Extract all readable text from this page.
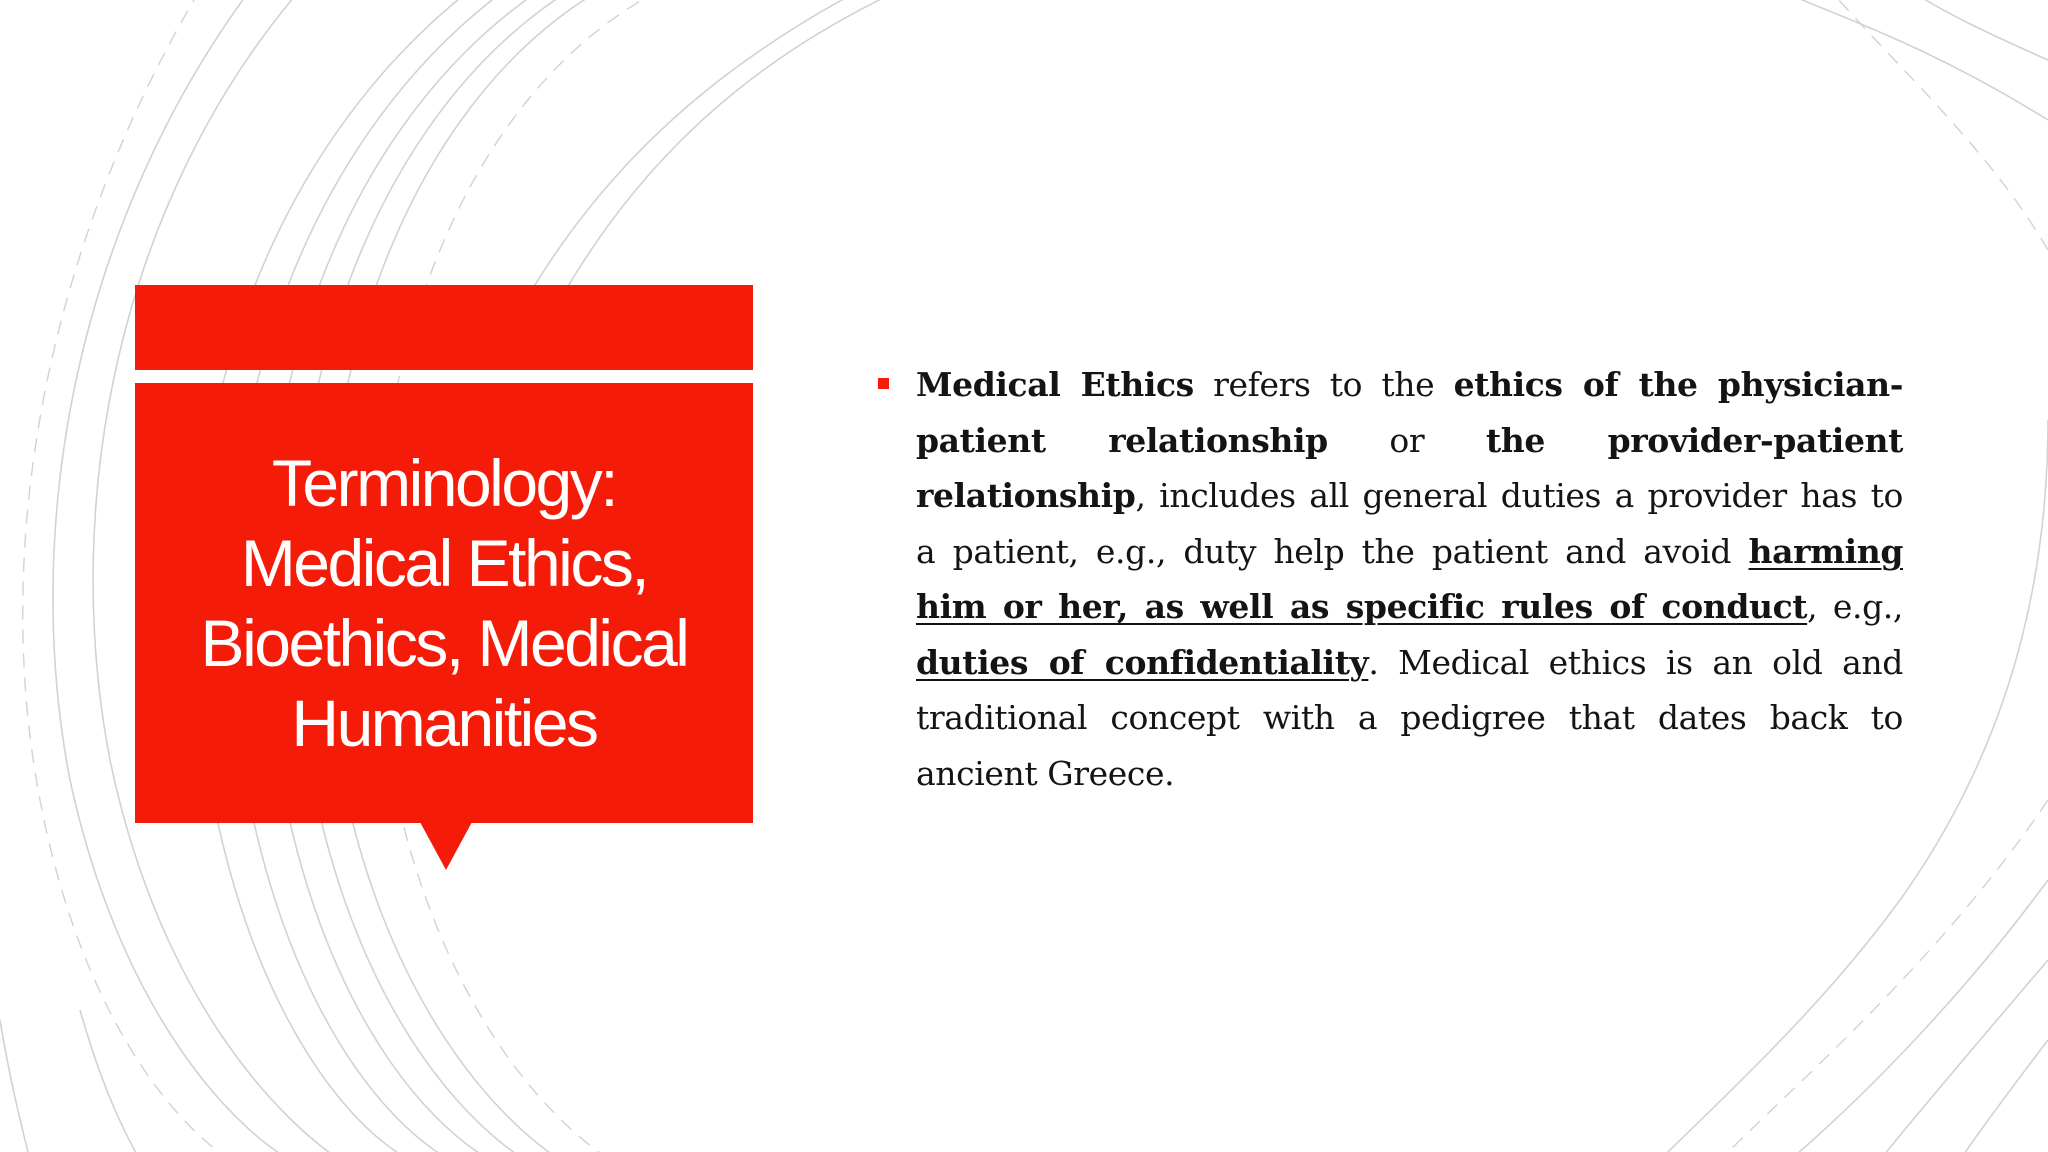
Terminology:
Medical Ethics,
Bioethics, Medical
Humanities

Medical Ethics refers to the ethics of the physician-patient relationship or the provider-patient relationship, includes all general duties a provider has to a patient, e.g., duty help the patient and avoid harming him or her, as well as specific rules of conduct, e.g., duties of confidentiality. Medical ethics is an old and traditional concept with a pedigree that dates back to ancient Greece.
